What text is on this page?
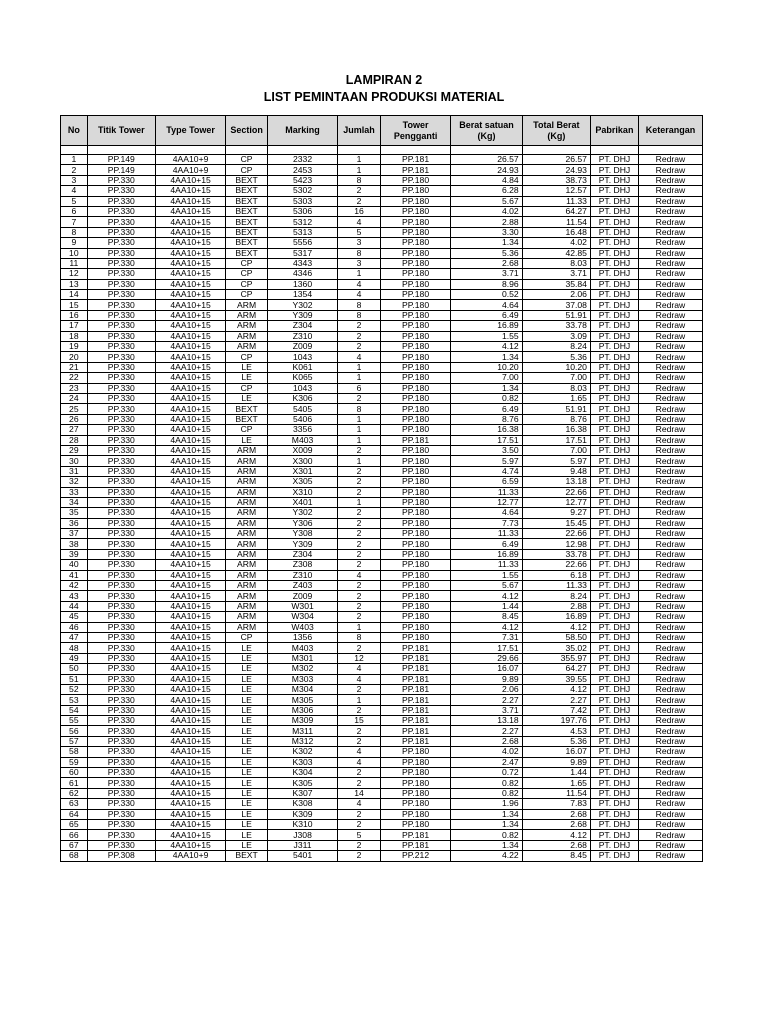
LAMPIRAN 2
LIST PEMINTAAN PRODUKSI MATERIAL
No	Titik Tower	Type Tower	Section	Marking	Jumlah	Tower Pengganti	Berat satuan (Kg)	Total Berat (Kg)	Pabrikan	Keterangan

1	PP.149	4AA10+9	CP	2332	1	PP.181	26.57	26.57	PT. DHJ	Redraw
2	PP.149	4AA10+9	CP	2453	1	PP.181	24.93	24.93	PT. DHJ	Redraw
3	PP.330	4AA10+15	BEXT	5423	8	PP.180	4.84	38.73	PT. DHJ	Redraw
4	PP.330	4AA10+15	BEXT	5302	2	PP.180	6.28	12.57	PT. DHJ	Redraw
5	PP.330	4AA10+15	BEXT	5303	2	PP.180	5.67	11.33	PT. DHJ	Redraw
6	PP.330	4AA10+15	BEXT	5306	16	PP.180	4.02	64.27	PT. DHJ	Redraw
7	PP.330	4AA10+15	BEXT	5312	4	PP.180	2.88	11.54	PT. DHJ	Redraw
8	PP.330	4AA10+15	BEXT	5313	5	PP.180	3.30	16.48	PT. DHJ	Redraw
9	PP.330	4AA10+15	BEXT	5556	3	PP.180	1.34	4.02	PT. DHJ	Redraw
10	PP.330	4AA10+15	BEXT	5317	8	PP.180	5.36	42.85	PT. DHJ	Redraw
11	PP.330	4AA10+15	CP	4343	3	PP.180	2.68	8.03	PT. DHJ	Redraw
12	PP.330	4AA10+15	CP	4346	1	PP.180	3.71	3.71	PT. DHJ	Redraw
13	PP.330	4AA10+15	CP	1360	4	PP.180	8.96	35.84	PT. DHJ	Redraw
14	PP.330	4AA10+15	CP	1354	4	PP.180	0.52	2.06	PT. DHJ	Redraw
15	PP.330	4AA10+15	ARM	Y302	8	PP.180	4.64	37.08	PT. DHJ	Redraw
16	PP.330	4AA10+15	ARM	Y309	8	PP.180	6.49	51.91	PT. DHJ	Redraw
17	PP.330	4AA10+15	ARM	Z304	2	PP.180	16.89	33.78	PT. DHJ	Redraw
18	PP.330	4AA10+15	ARM	Z310	2	PP.180	1.55	3.09	PT. DHJ	Redraw
19	PP.330	4AA10+15	ARM	Z009	2	PP.180	4.12	8.24	PT. DHJ	Redraw
20	PP.330	4AA10+15	CP	1043	4	PP.180	1.34	5.36	PT. DHJ	Redraw
21	PP.330	4AA10+15	LE	K061	1	PP.180	10.20	10.20	PT. DHJ	Redraw
22	PP.330	4AA10+15	LE	K065	1	PP.180	7.00	7.00	PT. DHJ	Redraw
23	PP.330	4AA10+15	CP	1043	6	PP.180	1.34	8.03	PT. DHJ	Redraw
24	PP.330	4AA10+15	LE	K306	2	PP.180	0.82	1.65	PT. DHJ	Redraw
25	PP.330	4AA10+15	BEXT	5405	8	PP.180	6.49	51.91	PT. DHJ	Redraw
26	PP.330	4AA10+15	BEXT	5406	1	PP.180	8.76	8.76	PT. DHJ	Redraw
27	PP.330	4AA10+15	CP	3356	1	PP.180	16.38	16.38	PT. DHJ	Redraw
28	PP.330	4AA10+15	LE	M403	1	PP.181	17.51	17.51	PT. DHJ	Redraw
29	PP.330	4AA10+15	ARM	X009	2	PP.180	3.50	7.00	PT. DHJ	Redraw
30	PP.330	4AA10+15	ARM	X300	1	PP.180	5.97	5.97	PT. DHJ	Redraw
31	PP.330	4AA10+15	ARM	X301	2	PP.180	4.74	9.48	PT. DHJ	Redraw
32	PP.330	4AA10+15	ARM	X305	2	PP.180	6.59	13.18	PT. DHJ	Redraw
33	PP.330	4AA10+15	ARM	X310	2	PP.180	11.33	22.66	PT. DHJ	Redraw
34	PP.330	4AA10+15	ARM	X401	1	PP.180	12.77	12.77	PT. DHJ	Redraw
35	PP.330	4AA10+15	ARM	Y302	2	PP.180	4.64	9.27	PT. DHJ	Redraw
36	PP.330	4AA10+15	ARM	Y306	2	PP.180	7.73	15.45	PT. DHJ	Redraw
37	PP.330	4AA10+15	ARM	Y308	2	PP.180	11.33	22.66	PT. DHJ	Redraw
38	PP.330	4AA10+15	ARM	Y309	2	PP.180	6.49	12.98	PT. DHJ	Redraw
39	PP.330	4AA10+15	ARM	Z304	2	PP.180	16.89	33.78	PT. DHJ	Redraw
40	PP.330	4AA10+15	ARM	Z308	2	PP.180	11.33	22.66	PT. DHJ	Redraw
41	PP.330	4AA10+15	ARM	Z310	4	PP.180	1.55	6.18	PT. DHJ	Redraw
42	PP.330	4AA10+15	ARM	Z403	2	PP.180	5.67	11.33	PT. DHJ	Redraw
43	PP.330	4AA10+15	ARM	Z009	2	PP.180	4.12	8.24	PT. DHJ	Redraw
44	PP.330	4AA10+15	ARM	W301	2	PP.180	1.44	2.88	PT. DHJ	Redraw
45	PP.330	4AA10+15	ARM	W304	2	PP.180	8.45	16.89	PT. DHJ	Redraw
46	PP.330	4AA10+15	ARM	W403	1	PP.180	4.12	4.12	PT. DHJ	Redraw
47	PP.330	4AA10+15	CP	1356	8	PP.180	7.31	58.50	PT. DHJ	Redraw
48	PP.330	4AA10+15	LE	M403	2	PP.181	17.51	35.02	PT. DHJ	Redraw
49	PP.330	4AA10+15	LE	M301	12	PP.181	29.66	355.97	PT. DHJ	Redraw
50	PP.330	4AA10+15	LE	M302	4	PP.181	16.07	64.27	PT. DHJ	Redraw
51	PP.330	4AA10+15	LE	M303	4	PP.181	9.89	39.55	PT. DHJ	Redraw
52	PP.330	4AA10+15	LE	M304	2	PP.181	2.06	4.12	PT. DHJ	Redraw
53	PP.330	4AA10+15	LE	M305	1	PP.181	2.27	2.27	PT. DHJ	Redraw
54	PP.330	4AA10+15	LE	M306	2	PP.181	3.71	7.42	PT. DHJ	Redraw
55	PP.330	4AA10+15	LE	M309	15	PP.181	13.18	197.76	PT. DHJ	Redraw
56	PP.330	4AA10+15	LE	M311	2	PP.181	2.27	4.53	PT. DHJ	Redraw
57	PP.330	4AA10+15	LE	M312	2	PP.181	2.68	5.36	PT. DHJ	Redraw
58	PP.330	4AA10+15	LE	K302	4	PP.180	4.02	16.07	PT. DHJ	Redraw
59	PP.330	4AA10+15	LE	K303	4	PP.180	2.47	9.89	PT. DHJ	Redraw
60	PP.330	4AA10+15	LE	K304	2	PP.180	0.72	1.44	PT. DHJ	Redraw
61	PP.330	4AA10+15	LE	K305	2	PP.180	0.82	1.65	PT. DHJ	Redraw
62	PP.330	4AA10+15	LE	K307	14	PP.180	0.82	11.54	PT. DHJ	Redraw
63	PP.330	4AA10+15	LE	K308	4	PP.180	1.96	7.83	PT. DHJ	Redraw
64	PP.330	4AA10+15	LE	K309	2	PP.180	1.34	2.68	PT. DHJ	Redraw
65	PP.330	4AA10+15	LE	K310	2	PP.180	1.34	2.68	PT. DHJ	Redraw
66	PP.330	4AA10+15	LE	J308	5	PP.181	0.82	4.12	PT. DHJ	Redraw
67	PP.330	4AA10+15	LE	J311	2	PP.181	1.34	2.68	PT. DHJ	Redraw
68	PP.308	4AA10+9	BEXT	5401	2	PP.212	4.22	8.45	PT. DHJ	Redraw
